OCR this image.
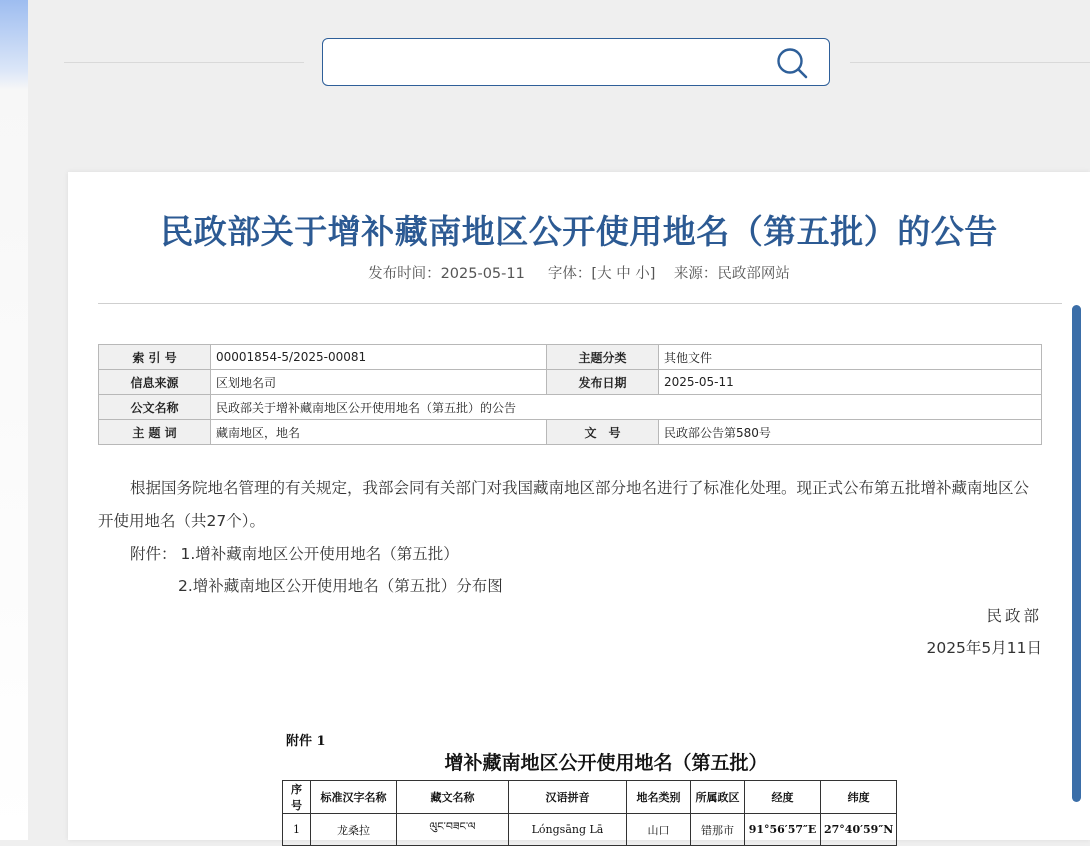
民政部关于增补藏南地区公开使用地名（第五批）的公告
发布时间：2025-05-11 字体：[大 中 小] 来源：民政部网站
索 引 号	00001854-5/2025-00081	主题分类	其他文件
信息来源	区划地名司	发布日期	2025-05-11
公文名称	民政部关于增补藏南地区公开使用地名（第五批）的公告		
主 题 词	藏南地区，地名	文　号	民政部公告第580号
根据国务院地名管理的有关规定，我部会同有关部门对我国藏南地区部分地名进行了标准化处理。现正式公布第五批增补藏南地区公开使用地名（共27个）。
附件： 1.增补藏南地区公开使用地名（第五批）
2.增补藏南地区公开使用地名（第五批）分布图
民政部
2025年5月11日
附件 1
增补藏南地区公开使用地名（第五批）
序号	标准汉字名称	藏文名称	汉语拼音	地名类别	所属政区	经度	纬度
1	龙桑拉	ལུང་བཟང་ལ	Lóngsāng Lā	山口	错那市	91°56′57″E	27°40′59″N
